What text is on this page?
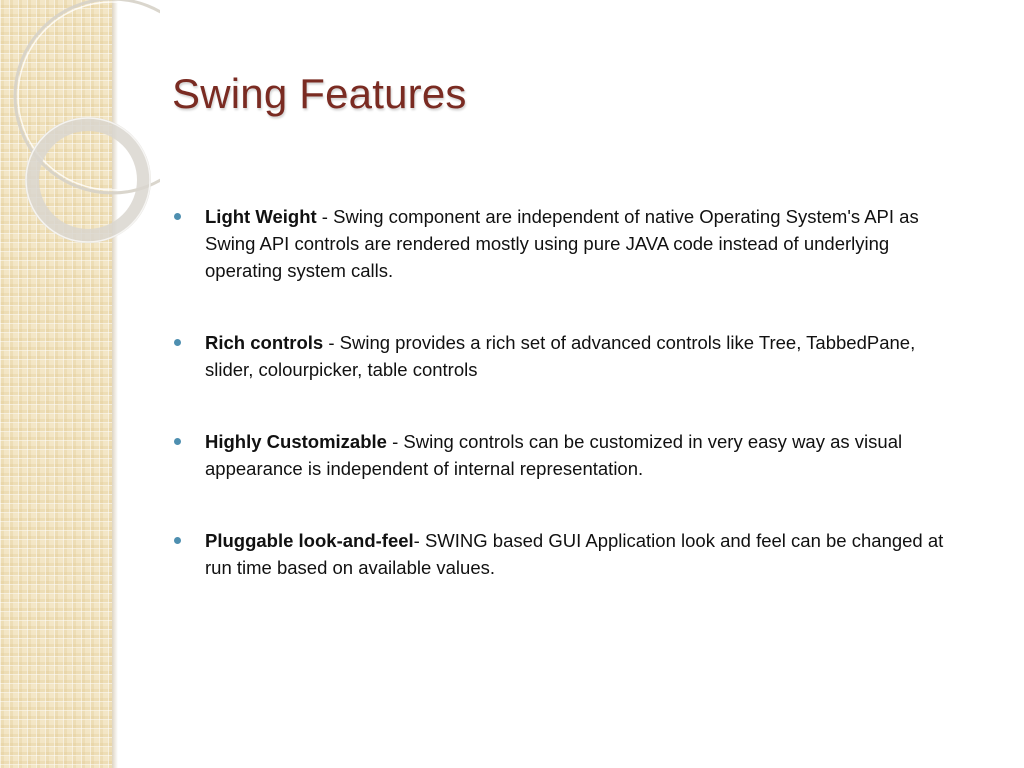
Swing Features
Light Weight - Swing component are independent of native Operating System's API as Swing API controls are rendered mostly using pure JAVA code instead of underlying operating system calls.
Rich controls - Swing provides a rich set of advanced controls like Tree, TabbedPane, slider, colourpicker, table controls
Highly Customizable - Swing controls can be customized in very easy way as visual appearance is independent of internal representation.
Pluggable look-and-feel- SWING based GUI Application look and feel can be changed at run time based on available values.
